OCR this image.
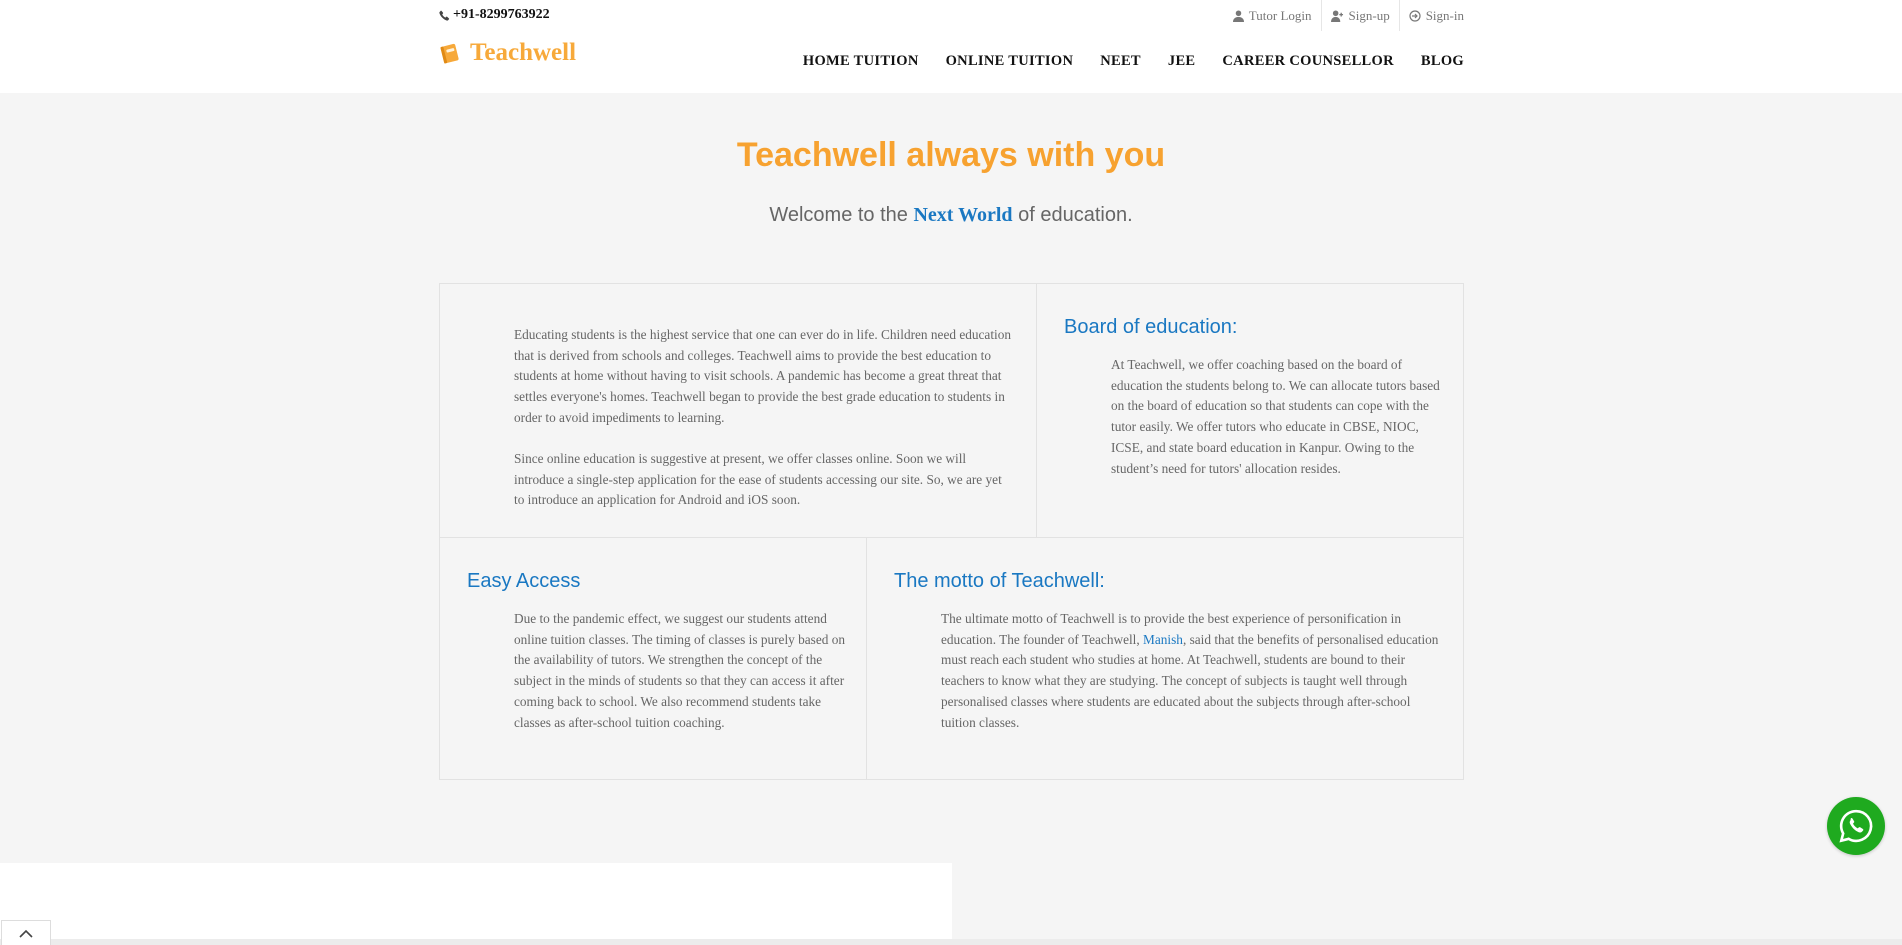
+91-8299763922	Tutor Login	Sign-up	Sign-in
Teachwell	HOME TUITION ONLINE TUITION NEET JEE CAREER COUNSELLOR BLOG
Teachwell always with you
Welcome to the Next World of education.

Educating students is the highest service that one can ever do in life. Children need education that is derived from schools and colleges. Teachwell aims to provide the best education to students at home without having to visit schools. A pandemic has become a great threat that settles everyone's homes. Teachwell began to provide the best grade education to students in order to avoid impediments to learning.

Since online education is suggestive at present, we offer classes online. Soon we will introduce a single-step application for the ease of students accessing our site. So, we are yet to introduce an application for Android and iOS soon.

Board of education:

At Teachwell, we offer coaching based on the board of education the students belong to. We can allocate tutors based on the board of education so that students can cope with the tutor easily. We offer tutors who educate in CBSE, NIOC, ICSE, and state board education in Kanpur. Owing to the student’s need for tutors' allocation resides.

Easy Access

Due to the pandemic effect, we suggest our students attend online tuition classes. The timing of classes is purely based on the availability of tutors. We strengthen the concept of the subject in the minds of students so that they can access it after coming back to school. We also recommend students take classes as after-school tuition coaching.

The motto of Teachwell:

The ultimate motto of Teachwell is to provide the best experience of personification in education. The founder of Teachwell, Manish, said that the benefits of personalised education must reach each student who studies at home. At Teachwell, students are bound to their teachers to know what they are studying. The concept of subjects is taught well through personalised classes where students are educated about the subjects through after-school tuition classes.
